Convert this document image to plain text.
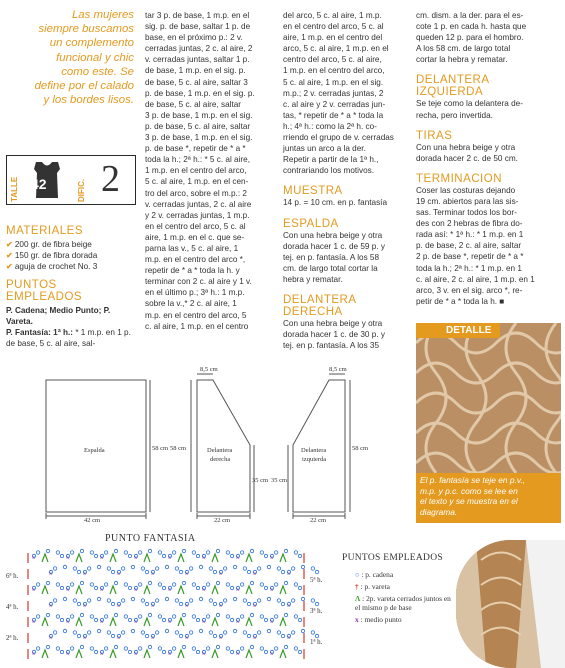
Las mujeres
siempre buscamos
un complemento
funcional y chic
como este. Se
define por el calado
y los bordes lisos.
TALLE 42	DIFIC. 2
MATERIALES
✔ 200 gr. de fibra beige
✔ 150 gr. de fibra dorada
✔ aguja de crochet No. 3
PUNTOS
EMPLEADOS

P. Cadena; Medio Punto; P. Vareta.

P. Fantasía: 1ª h.: * 1 m.p. en 1 p. de base, 5 c. al aire, sal-

tar 3 p. de base, 1 m.p. en el

sig. p. de base, saltar 1 p. de

base, en el próximo p.: 2 v.

cerradas juntas, 2 c. al aire, 2

v. cerradas juntas, saltar 1 p.

de base, 1 m.p. en el sig. p.

de base, 5 c. al aire, saltar 3

p. de base, 1 m.p. en el sig. p.

de base, 5 c. al aire, saltar

3 p. de base, 1 m.p. en el sig.

p. de base, 5 c. al aire, saltar

3 p. de base, 1 m.p. en el sig.

p. de base *, repetir de * a *

toda la h.; 2ª h.: * 5 c. al aire,

1 m.p. en el centro del arco,

5 c. al aire, 1 m.p. en el cen-

tro del arco, sobre el m.p.: 2

v. cerradas juntas, 2 c. al aire

y 2 v. cerradas juntas, 1 m.p.

en el centro del arco, 5 c. al

aire, 1 m.p. en el c. que se-

parna las v., 5 c. al aire, 1

m.p. en el centro del arco *,

repetir de * a * toda la h. y

terminar con 2 c. al aire y 1 v.

en el último p.; 3ª h.: 1 m.p.

sobre la v.,* 2 c. al aire, 1

m.p. en el centro del arco, 5

c. al aire, 1 m.p. en el centro

del arco, 5 c. al aire, 1 m.p.

en el centro del arco, 5 c. al

aire, 1 m.p. en el centro del

arco, 5 c. al aire, 1 m.p. en el

centro del arco, 5 c. al aire,

1 m.p. en el centro del arco,

5 c. al aire, 1 m.p. en el sig.

m.p.; 2 v. cerradas juntas, 2

c. al aire y 2 v. cerradas jun-

tas, * repetir de * a * toda la

h.; 4ª h.: como la 2ª h. co-

rriendo el grupo de v. cerradas

juntas un arco a la der.

Repetir a partir de la 1ª h.,

contrariando los motivos.

MUESTRA

14 p. = 10 cm. en p. fantasía

ESPALDA

Con una hebra beige y otra

dorada hacer 1 c. de 59 p. y

tej. en p. fantasía. A los 58

cm. de largo total cortar la

hebra y rematar.

DELANTERA
DERECHA

Con una hebra beige y otra

dorada hacer 1 c. de 30 p. y

tej. en p. fantasía. A los 35

cm. dism. a la der. para el es-

cote 1 p. en cada h. hasta que

queden 12 p. para el hombro.

A los 58 cm. de largo total

cortar la hebra y rematar.

DELANTERA
IZQUIERDA

Se teje como la delantera de-

recha, pero invertida.

TIRAS

Con una hebra beige y otra

dorada hacer 2 c. de 50 cm.

TERMINACION

Coser las costuras dejando

19 cm. abiertos para las sis-

sas. Terminar todos los bor-

des con 2 hebras de fibra do-

rada así: * 1ª h.: * 1 m.p. en 1

p. de base, 2 c. al aire, saltar

2 p. de base *, repetir de * a *

toda la h.; 2ª h.: * 1 m.p. en 1

c. al aire, 2 c. al aire, 1 m.p. en 1

arco, 3 v. en el sig. arco *, re-

petir de * a * toda la h. ■

DETALLE
El p. fantasía se teje en p.v.,
m.p. y p.c. como se lee en
el texto y se muestra en el
diagrama.
Espalda
42 cm
58 cm 58 cm	Delantera
derecha
22 cm
8,5 cm
35 cm 35 cm
Delantera
izquierda
22 cm
8,5 cm
58 cm
PUNTO FANTASIA
6ª h.
4ª h.
2ª h.
5ª h.
3ª h.
1ª h.
x	x	x	x	x	x	x	x
x	x	x	x	x	x	x	x
x	x	x	x	x	x	x	x
x	x	x	x	x	x	x	x
x	x	x	x	x	x	x	x
x	x	x	x	x	x	x	x
x	x	x	x	x	x	x	x
PUNTOS EMPLEADOS
○ : p. cadena
† : p. vareta
Λ : 2p. vareta cerrados juntos en el mismo p de base
x : medio punto
